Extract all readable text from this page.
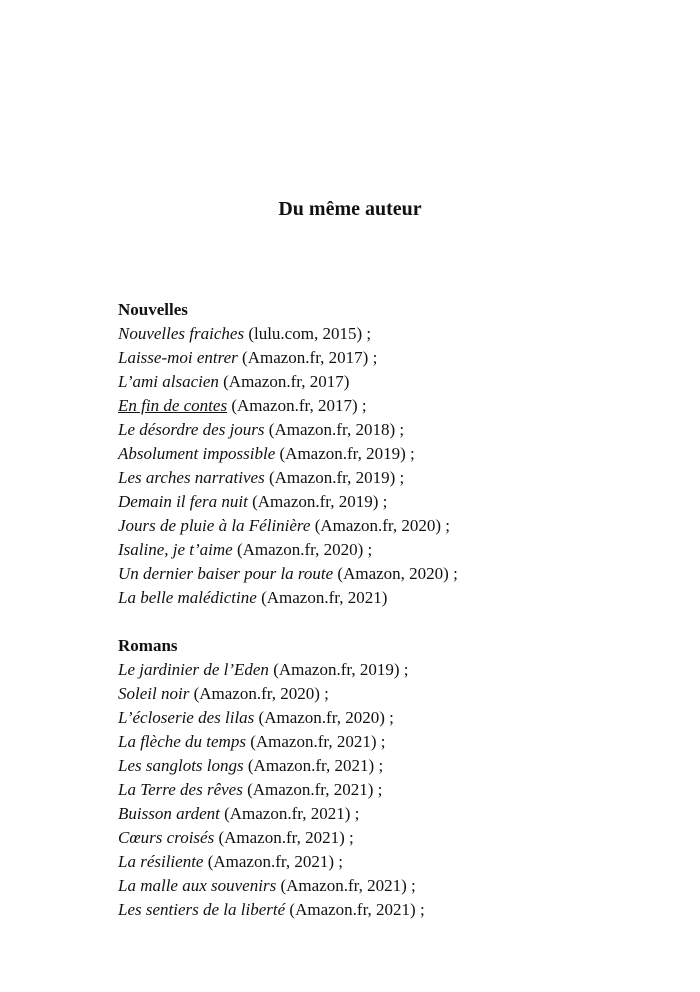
Du même auteur
Nouvelles
Nouvelles fraiches (lulu.com, 2015) ;
Laisse-moi entrer (Amazon.fr, 2017) ;
L’ami alsacien (Amazon.fr, 2017)
En fin de contes (Amazon.fr, 2017) ;
Le désordre des jours (Amazon.fr, 2018) ;
Absolument impossible (Amazon.fr, 2019) ;
Les arches narratives (Amazon.fr, 2019) ;
Demain il fera nuit (Amazon.fr, 2019) ;
Jours de pluie à la Félinière (Amazon.fr, 2020) ;
Isaline, je t’aime (Amazon.fr, 2020) ;
Un dernier baiser pour la route (Amazon, 2020) ;
La belle malédictine (Amazon.fr, 2021)
Romans
Le jardinier de l’Eden (Amazon.fr, 2019) ;
Soleil noir (Amazon.fr, 2020) ;
L’écloserie des lilas (Amazon.fr, 2020) ;
La flèche du temps (Amazon.fr, 2021) ;
Les sanglots longs (Amazon.fr, 2021) ;
La Terre des rêves (Amazon.fr, 2021) ;
Buisson ardent (Amazon.fr, 2021) ;
Cœurs croisés (Amazon.fr, 2021) ;
La résiliente (Amazon.fr, 2021) ;
La malle aux souvenirs (Amazon.fr, 2021) ;
Les sentiers de la liberté (Amazon.fr, 2021) ;
